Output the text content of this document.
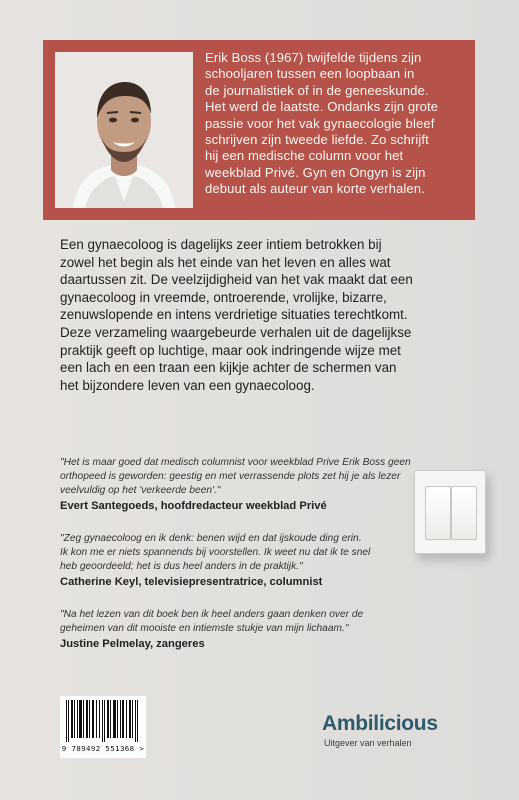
Erik Boss (1967) twijfelde tijdens zijn
schooljaren tussen een loopbaan in
de journalistiek of in de geneeskunde.
Het werd de laatste. Ondanks zijn grote
passie voor het vak gynaecologie bleef
schrijven zijn tweede liefde. Zo schrijft
hij een medische column voor het
weekblad Privé. Gyn en Ongyn is zijn
debuut als auteur van korte verhalen.
Een gynaecoloog is dagelijks zeer intiem betrokken bij
zowel het begin als het einde van het leven en alles wat
daartussen zit. De veelzijdigheid van het vak maakt dat een
gynaecoloog in vreemde, ontroerende, vrolijke, bizarre,
zenuwslopende en intens verdrietige situaties terechtkomt.
Deze verzameling waargebeurde verhalen uit de dagelijkse
praktijk geeft op luchtige, maar ook indringende wijze met
een lach en een traan een kijkje achter de schermen van
het bijzondere leven van een gynaecoloog.
"Het is maar goed dat medisch columnist voor weekblad Prive Erik Boss geen
orthopeed is geworden: geestig en met verrassende plots zet hij je als lezer
veelvuldig op het 'verkeerde been'."
Evert Santegoeds, hoofdredacteur weekblad Privé
"Zeg gynaecoloog en ik denk: benen wijd en dat ijskoude ding erin.
Ik kon me er niets spannends bij voorstellen. Ik weet nu dat ik te snel
heb geoordeeld; het is dus heel anders in de praktijk."
Catherine Keyl, televisiepresentratrice, columnist
"Na het lezen van dit boek ben ik heel anders gaan denken over de
geheimen van dit mooiste en intiemste stukje van mijn lichaam."
Justine Pelmelay, zangeres
9 789492 551368 >
Ambilicious
Uitgever van verhalen
